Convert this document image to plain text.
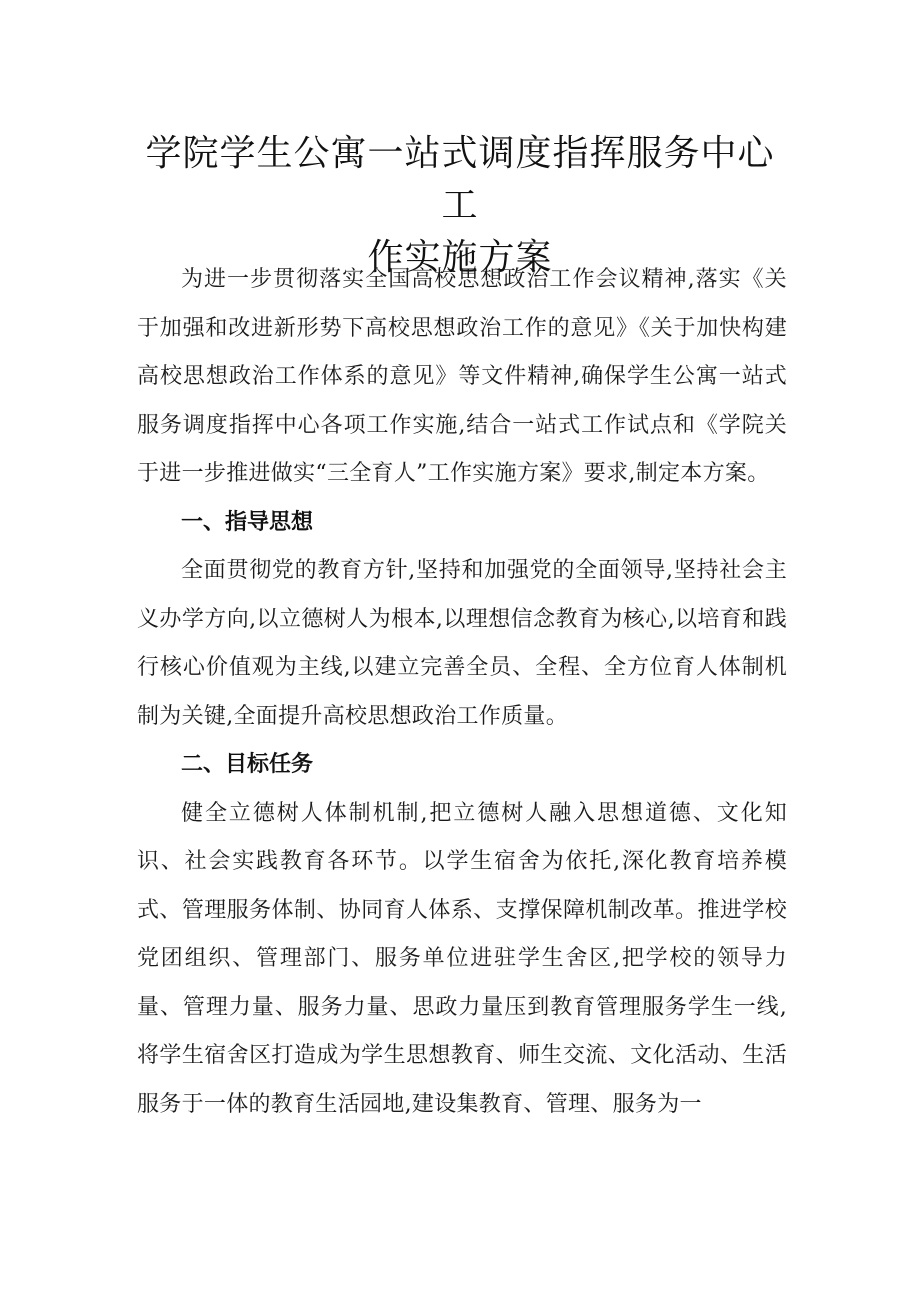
学院学生公寓一站式调度指挥服务中心工
作实施方案

为进一步贯彻落实全国高校思想政治工作会议精神,落实《关于加强和改进新形势下高校思想政治工作的意见》《关于加快构建高校思想政治工作体系的意见》等文件精神,确保学生公寓一站式服务调度指挥中心各项工作实施,结合一站式工作试点和《学院关于进一步推进做实“三全育人”工作实施方案》要求,制定本方案。

一、指导思想

全面贯彻党的教育方针,坚持和加强党的全面领导,坚持社会主义办学方向,以立德树人为根本,以理想信念教育为核心,以培育和践行核心价值观为主线,以建立完善全员、全程、全方位育人体制机制为关键,全面提升高校思想政治工作质量。

二、目标任务

健全立德树人体制机制,把立德树人融入思想道德、文化知识、社会实践教育各环节。以学生宿舍为依托,深化教育培养模式、管理服务体制、协同育人体系、支撑保障机制改革。推进学校党团组织、管理部门、服务单位进驻学生舍区,把学校的领导力量、管理力量、服务力量、思政力量压到教育管理服务学生一线,将学生宿舍区打造成为学生思想教育、师生交流、文化活动、生活服务于一体的教育生活园地,建设集教育、管理、服务为一
